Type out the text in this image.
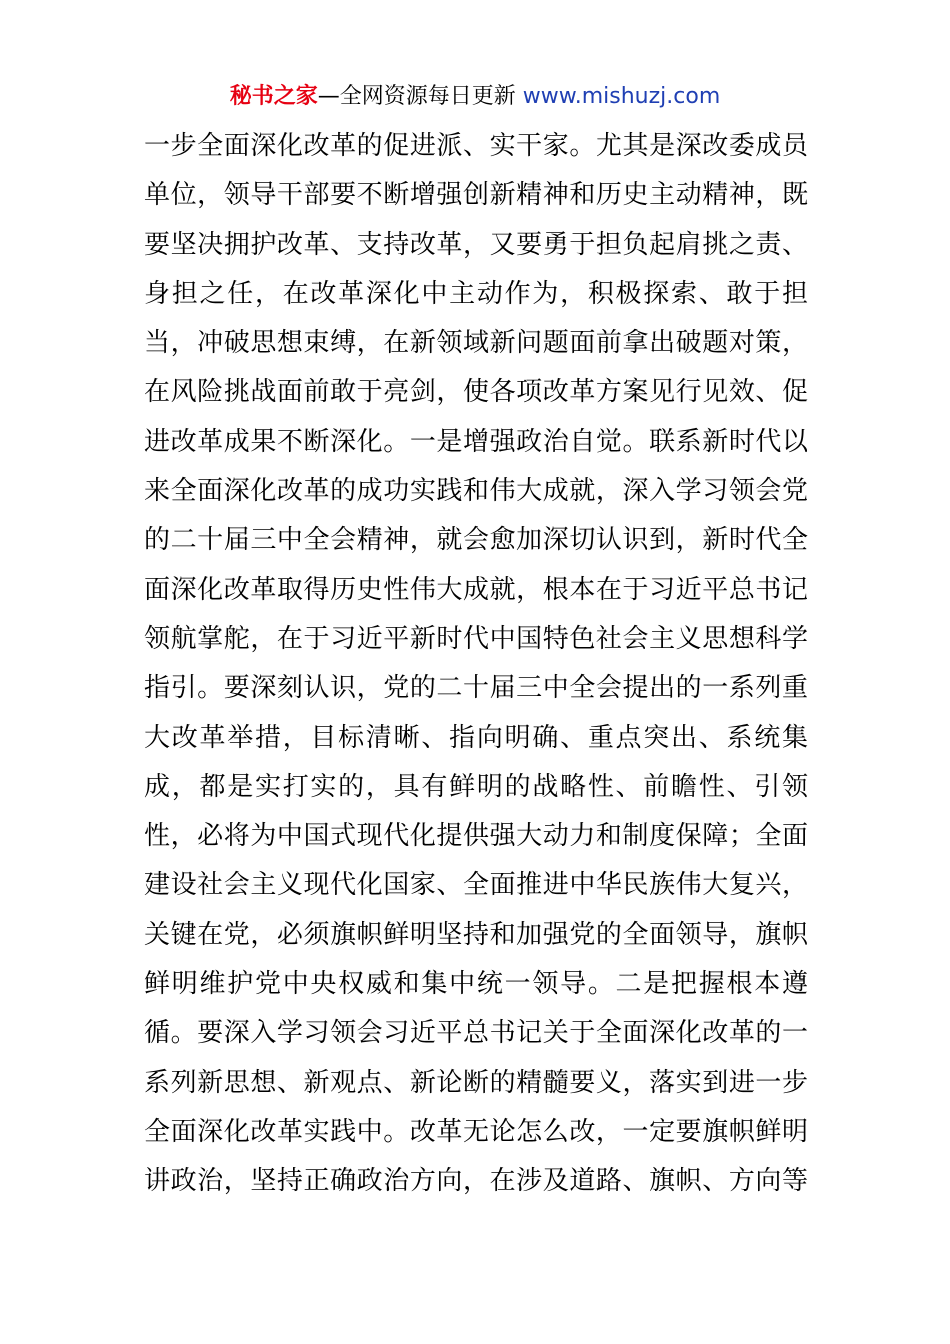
秘书之家—全网资源每日更新 www.mishuzj.com
一步全面深化改革的促进派、实干家。尤其是深改委成员
单位，领导干部要不断增强创新精神和历史主动精神，既
要坚决拥护改革、支持改革，又要勇于担负起肩挑之责、
身担之任，在改革深化中主动作为，积极探索、敢于担
当，冲破思想束缚，在新领域新问题面前拿出破题对策，
在风险挑战面前敢于亮剑，使各项改革方案见行见效、促
进改革成果不断深化。一是增强政治自觉。联系新时代以
来全面深化改革的成功实践和伟大成就，深入学习领会党
的二十届三中全会精神，就会愈加深切认识到，新时代全
面深化改革取得历史性伟大成就，根本在于习近平总书记
领航掌舵，在于习近平新时代中国特色社会主义思想科学
指引。要深刻认识，党的二十届三中全会提出的一系列重
大改革举措，目标清晰、指向明确、重点突出、系统集
成，都是实打实的，具有鲜明的战略性、前瞻性、引领
性，必将为中国式现代化提供强大动力和制度保障；全面
建设社会主义现代化国家、全面推进中华民族伟大复兴，
关键在党，必须旗帜鲜明坚持和加强党的全面领导，旗帜
鲜明维护党中央权威和集中统一领导。二是把握根本遵
循。要深入学习领会习近平总书记关于全面深化改革的一
系列新思想、新观点、新论断的精髓要义，落实到进一步
全面深化改革实践中。改革无论怎么改，一定要旗帜鲜明
讲政治，坚持正确政治方向，在涉及道路、旗帜、方向等
